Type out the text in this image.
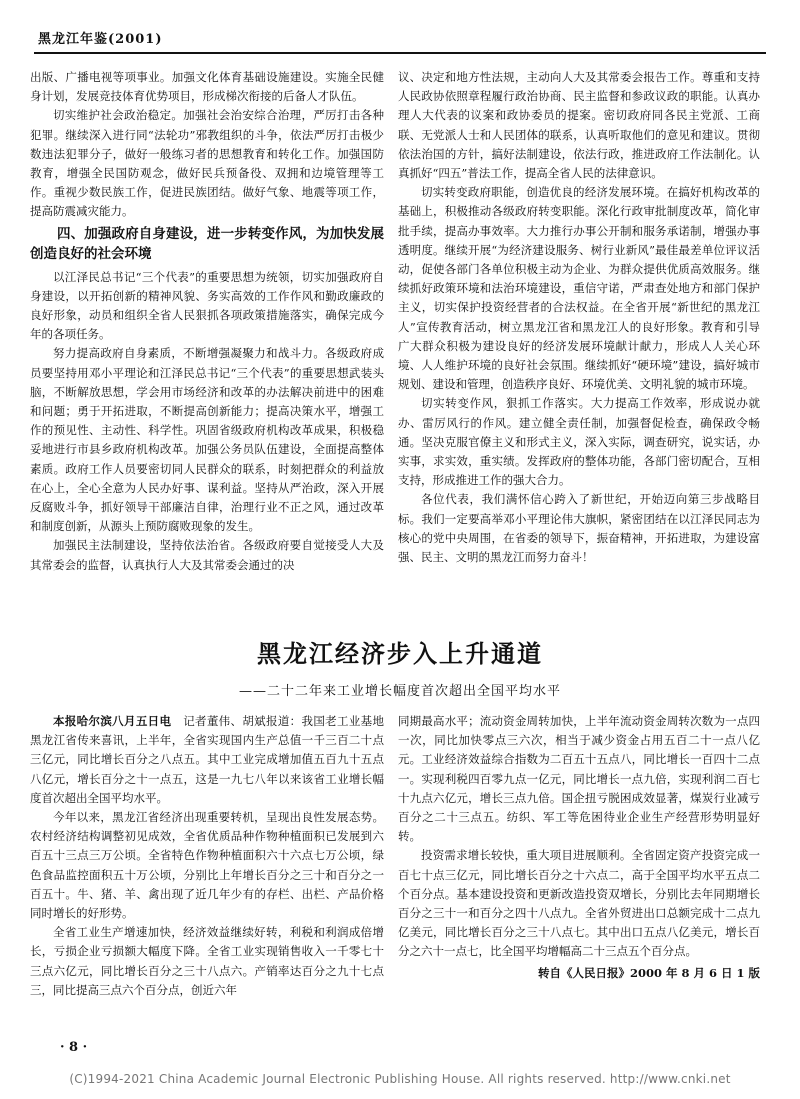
黑龙江年鉴(2001)

出版、广播电视等项事业。加强文化体育基础设施建设。实施全民健身计划，发展竞技体育优势项目，形成梯次衔接的后备人才队伍。

切实维护社会政治稳定。加强社会治安综合治理，严厉打击各种犯罪。继续深入进行同“法轮功”邪教组织的斗争，依法严厉打击极少数违法犯罪分子，做好一般练习者的思想教育和转化工作。加强国防教育，增强全民国防观念，做好民兵预备役、双拥和边境管理等工作。重视少数民族工作，促进民族团结。做好气象、地震等项工作，提高防震减灾能力。

四、加强政府自身建设，进一步转变作风，为加快发展创造良好的社会环境

以江泽民总书记“三个代表”的重要思想为统领，切实加强政府自身建设，以开拓创新的精神风貌、务实高效的工作作风和勤政廉政的良好形象，动员和组织全省人民狠抓各项政策措施落实，确保完成今年的各项任务。

努力提高政府自身素质，不断增强凝聚力和战斗力。各级政府成员要坚持用邓小平理论和江泽民总书记“三个代表”的重要思想武装头脑，不断解放思想，学会用市场经济和改革的办法解决前进中的困难和问题；勇于开拓进取，不断提高创新能力；提高决策水平，增强工作的预见性、主动性、科学性。巩固省级政府机构改革成果，积极稳妥地进行市县乡政府机构改革。加强公务员队伍建设，全面提高整体素质。政府工作人员要密切同人民群众的联系，时刻把群众的利益放在心上，全心全意为人民办好事、谋利益。坚持从严治政，深入开展反腐败斗争，抓好领导干部廉洁自律，治理行业不正之风，通过改革和制度创新，从源头上预防腐败现象的发生。

加强民主法制建设，坚持依法治省。各级政府要自觉接受人大及其常委会的监督，认真执行人大及其常委会通过的决

议、决定和地方性法规，主动向人大及其常委会报告工作。尊重和支持人民政协依照章程履行政治协商、民主监督和参政议政的职能。认真办理人大代表的议案和政协委员的提案。密切政府同各民主党派、工商联、无党派人士和人民团体的联系，认真听取他们的意见和建议。贯彻依法治国的方针，搞好法制建设，依法行政，推进政府工作法制化。认真抓好“四五”普法工作，提高全省人民的法律意识。

切实转变政府职能，创造优良的经济发展环境。在搞好机构改革的基础上，积极推动各级政府转变职能。深化行政审批制度改革，简化审批手续，提高办事效率。大力推行办事公开制和服务承诺制，增强办事透明度。继续开展“为经济建设服务、树行业新风”最佳最差单位评议活动，促使各部门各单位积极主动为企业、为群众提供优质高效服务。继续抓好政策环境和法治环境建设，重信守诺，严肃查处地方和部门保护主义，切实保护投资经营者的合法权益。在全省开展“新世纪的黑龙江人”宣传教育活动，树立黑龙江省和黑龙江人的良好形象。教育和引导广大群众积极为建设良好的经济发展环境献计献力，形成人人关心环境、人人维护环境的良好社会氛围。继续抓好“硬环境”建设，搞好城市规划、建设和管理，创造秩序良好、环境优美、文明礼貌的城市环境。

切实转变作风，狠抓工作落实。大力提高工作效率，形成说办就办、雷厉风行的作风。建立健全责任制，加强督促检查，确保政令畅通。坚决克服官僚主义和形式主义，深入实际，调查研究，说实话，办实事，求实效，重实绩。发挥政府的整体功能，各部门密切配合，互相支持，形成推进工作的强大合力。

各位代表，我们满怀信心跨入了新世纪，开始迈向第三步战略目标。我们一定要高举邓小平理论伟大旗帜，紧密团结在以江泽民同志为核心的党中央周围，在省委的领导下，振奋精神，开拓进取，为建设富强、民主、文明的黑龙江而努力奋斗！

黑龙江经济步入上升通道
——二十二年来工业增长幅度首次超出全国平均水平

本报哈尔滨八月五日电　 记者董伟、胡斌报道：我国老工业基地黑龙江省传来喜讯，上半年，全省实现国内生产总值一千三百二十点三亿元，同比增长百分之八点五。其中工业完成增加值五百九十五点八亿元，增长百分之十一点五，这是一九七八年以来该省工业增长幅度首次超出全国平均水平。

今年以来，黑龙江省经济出现重要转机，呈现出良性发展态势。农村经济结构调整初见成效，全省优质品种作物种植面积已发展到六百五十三点三万公顷。全省特色作物种植面积六十六点七万公顷，绿色食品监控面积五十万公顷，分别比上年增长百分之三十和百分之一百五十。牛、猪、羊、禽出现了近几年少有的存栏、出栏、产品价格同时增长的好形势。

全省工业生产增速加快，经济效益继续好转，利税和利润成倍增长，亏损企业亏损额大幅度下降。全省工业实现销售收入一千零七十三点六亿元，同比增长百分之三十八点六。产销率达百分之九十七点三，同比提高三点六个百分点，创近六年

同期最高水平；流动资金周转加快，上半年流动资金周转次数为一点四一次，同比加快零点三六次，相当于减少资金占用五百二十一点八亿元。工业经济效益综合指数为二百五十五点八，同比增长一百四十二点一。实现利税四百零九点一亿元，同比增长一点九倍，实现利润二百七十九点六亿元，增长三点九倍。国企扭亏脱困成效显著，煤炭行业减亏百分之二十三点五。纺织、军工等危困待业企业生产经营形势明显好转。

投资需求增长较快，重大项目进展顺利。全省固定资产投资完成一百七十点三亿元，同比增长百分之十六点二，高于全国平均水平五点二个百分点。基本建设投资和更新改造投资双增长，分别比去年同期增长百分之三十一和百分之四十八点九。全省外贸进出口总额完成十二点九亿美元，同比增长百分之三十八点七。其中出口五点八亿美元，增长百分之六十一点七，比全国平均增幅高二十三点五个百分点。

转自《人民日报》2000 年 8 月 6 日 1 版
· 8 ·
(C)1994-2021 China Academic Journal Electronic Publishing House. All rights reserved. http://www.cnki.net
